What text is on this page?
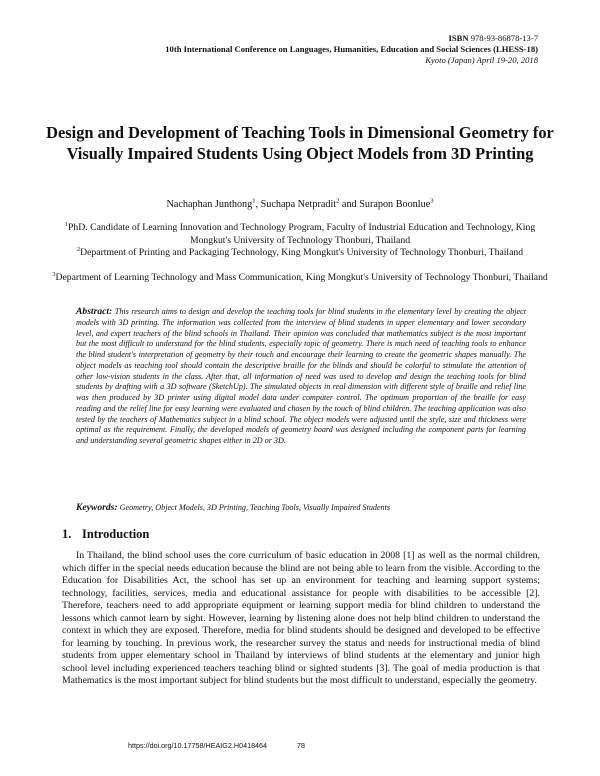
ISBN 978-93-86878-13-7
10th International Conference on Languages, Humanities, Education and Social Sciences (LHESS-18)
Kyoto (Japan) April 19-20, 2018
Design and Development of Teaching Tools in Dimensional Geometry for Visually Impaired Students Using Object Models from 3D Printing
Nachaphan Junthong$^1$, Suchapa Netpradit$^2$ and Surapon Boonlue$^3$
$^1$PhD. Candidate of Learning Innovation and Technology Program, Faculty of Industrial Education and Technology, King Mongkut's University of Technology Thonburi, Thailand
$^2$Department of Printing and Packaging Technology, King Mongkut's University of Technology Thonburi, Thailand
$^3$Department of Learning Technology and Mass Communication, King Mongkut's University of Technology Thonburi, Thailand
Abstract: This research aims to design and develop the teaching tools for blind students in the elementary level by creating the object models with 3D printing. The information was collected from the interview of blind students in upper elementary and lower secondary level, and expert teachers of the blind schools in Thailand. Their opinion was concluded that mathematics subject is the most important but the most difficult to understand for the blind students, especially topic of geometry. There is much need of teaching tools to enhance the blind student's interpretation of geometry by their touch and encourage their learning to create the geometric shapes manually. The object models as teaching tool should contain the descriptive braille for the blinds and should be colorful to stimulate the attention of other low-vision students in the class. After that, all information of need was used to develop and design the teaching tools for blind students by drafting with a 3D software (SketchUp). The simulated objects in real dimension with different style of braille and relief line was then produced by 3D printer using digital model data under computer control. The optimum proportion of the braille for easy reading and the relief line for easy learning were evaluated and chosen by the touch of blind children. The teaching application was also tested by the teachers of Mathematics subject in a blind school. The object models were adjusted until the style, size and thickness were optimal as the requirement. Finally, the developed models of geometry board was designed including the component parts for learning and understanding several geometric shapes either in 2D or 3D.
Keywords: Geometry, Object Models, 3D Printing, Teaching Tools, Visually Impaired Students
1. Introduction
In Thailand, the blind school uses the core curriculum of basic education in 2008 [1] as well as the normal children, which differ in the special needs education because the blind are not being able to learn from the visible. According to the Education for Disabilities Act, the school has set up an environment for teaching and learning support systems; technology, facilities, services, media and educational assistance for people with disabilities to be accessible [2]. Therefore, teachers need to add appropriate equipment or learning support media for blind children to understand the lessons which cannot learn by sight. However, learning by listening alone does not help blind children to understand the context in which they are exposed. Therefore, media for blind students should be designed and developed to be effective for learning by touching. In previous work, the researcher survey the status and needs for instructional media of blind students from upper elementary school in Thailand by interviews of blind students at the elementary and junior high school level including experienced teachers teaching blind or sighted students [3]. The goal of media production is that Mathematics is the most important subject for blind students but the most difficult to understand, especially the geometry.
https://doi.org/10.17758/HEAIG2.H0418464	78
